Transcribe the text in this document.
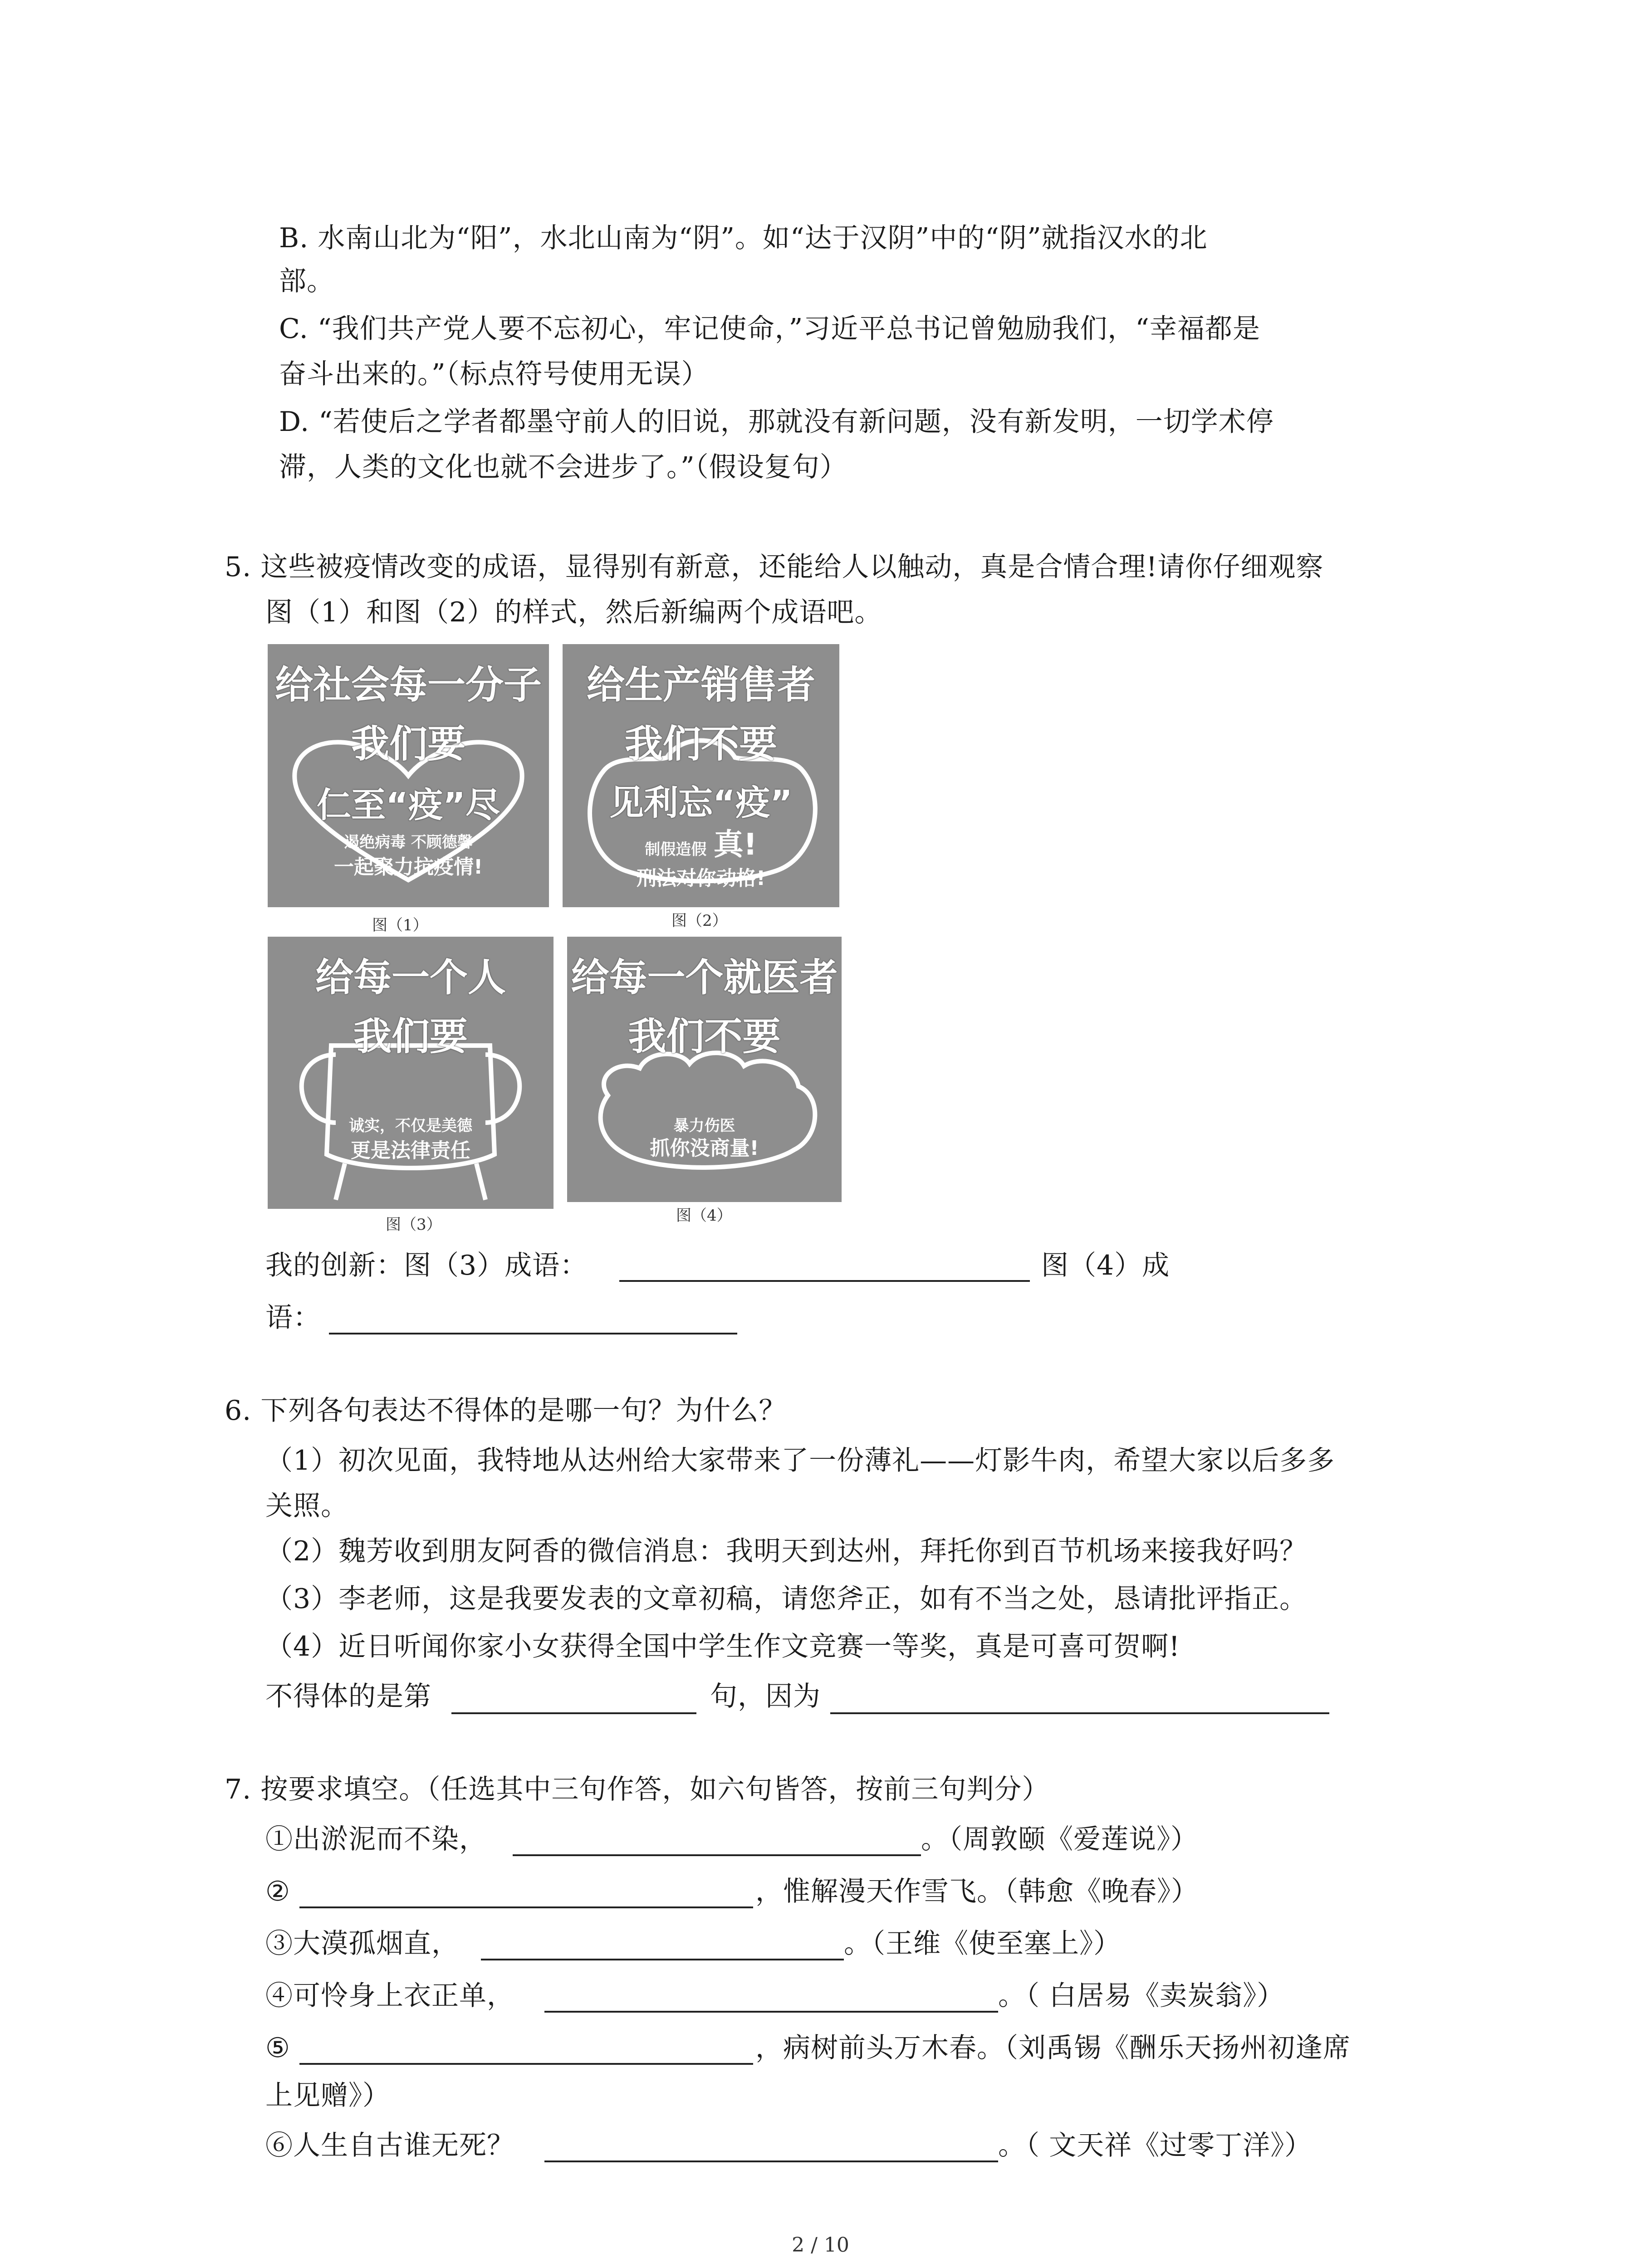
B. 水南山北为“阳”，水北山南为“阴”。如“达于汉阴”中的“阴”就指汉水的北
部。
C. “我们共产党人要不忘初心，牢记使命，”习近平总书记曾勉励我们，“幸福都是
奋斗出来的。”（标点符号使用无误）
D. “若使后之学者都墨守前人的旧说，那就没有新问题，没有新发明，一切学术停
滞，人类的文化也就不会进步了。”（假设复句）
5. 这些被疫情改变的成语，显得别有新意，还能给人以触动，真是合情合理!请你仔细观察
图（1）和图（2）的样式，然后新编两个成语吧。
给社会每一分子
我们要
仁至“疫”尽
遏绝病毒 不顾德馨
一起聚力抗疫情!
图（1）
给生产销售者
我们不要
见利忘“疫”
制假造假 真!
刑法对你动格!
图（2）
给每一个人
我们要
诚实，不仅是美德
更是法律责任
图（3）
给每一个就医者
我们不要
暴力伤医
抓你没商量!
图（4）
我的创新：图（3）成语：	图（4）成
语：
6. 下列各句表达不得体的是哪一句？为什么？
（1）初次见面，我特地从达州给大家带来了一份薄礼——灯影牛肉，希望大家以后多多
关照。
（2）魏芳收到朋友阿香的微信消息：我明天到达州，拜托你到百节机场来接我好吗？
（3）李老师，这是我要发表的文章初稿，请您斧正，如有不当之处，恳请批评指正。
（4）近日听闻你家小女获得全国中学生作文竞赛一等奖，真是可喜可贺啊!
不得体的是第	句，因为
7. 按要求填空。（任选其中三句作答，如六句皆答，按前三句判分）
①出淤泥而不染，	。（周敦颐《爱莲说》）
②	，惟解漫天作雪飞。（韩愈《晚春》）
③大漠孤烟直，	。（王维《使至塞上》）
④可怜身上衣正单，	。（ 白居易《卖炭翁》）
⑤	，病树前头万木春。（刘禹锡《酬乐天扬州初逢席
上见赠》）
⑥人生自古谁无死？	。（ 文天祥《过零丁洋》）
2 / 10
